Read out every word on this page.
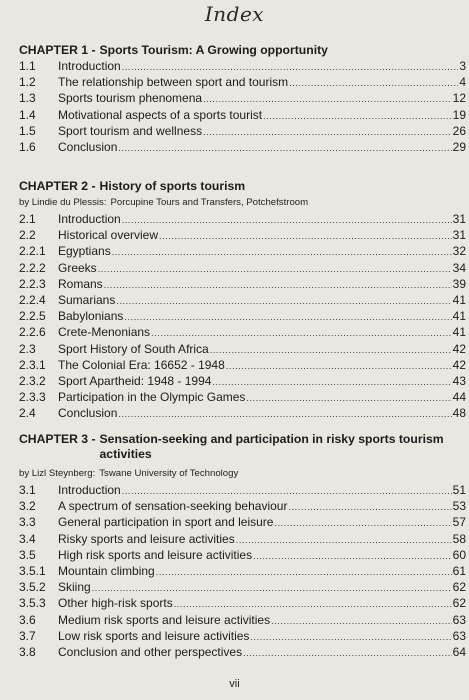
Index
CHAPTER 1 - Sports Tourism: A Growing opportunity
1.1	Introduction .....	3
1.2	The relationship between sport and tourism .....	4
1.3	Sports tourism phenomena .....	12
1.4	Motivational aspects of a sports tourist .....	19
1.5	Sport tourism and wellness .....	26
1.6	Conclusion .....	29
CHAPTER 2 - History of sports tourism
by Lindie du Plessis: Porcupine Tours and Transfers, Potchefstroom
2.1	Introduction .....	31
2.2	Historical overview .....	31
2.2.1	Egyptians .....	32
2.2.2	Greeks .....	34
2.2.3	Romans .....	39
2.2.4	Sumarians .....	41
2.2.5	Babylonians .....	41
2.2.6	Crete-Menonians .....	41
2.3	Sport History of South Africa .....	42
2.3.1	The Colonial Era: 16652 - 1948 .....	42
2.3.2	Sport Apartheid: 1948 - 1994 .....	43
2.3.3	Participation in the Olympic Games .....	44
2.4	Conclusion .....	48
CHAPTER 3 - Sensation-seeking and participation in risky sports tourism activities
by Lizl Steynberg: Tswane University of Technology
3.1	Introduction .....	51
3.2	A spectrum of sensation-seeking behaviour .....	53
3.3	General participation in sport and leisure .....	57
3.4	Risky sports and leisure activities .....	58
3.5	High risk sports and leisure activities .....	60
3.5.1	Mountain climbing .....	61
3.5.2	Skiing .....	62
3.5.3	Other high-risk sports .....	62
3.6	Medium risk sports and leisure activities .....	63
3.7	Low risk sports and leisure activities .....	63
3.8	Conclusion and other perspectives .....	64
vii
